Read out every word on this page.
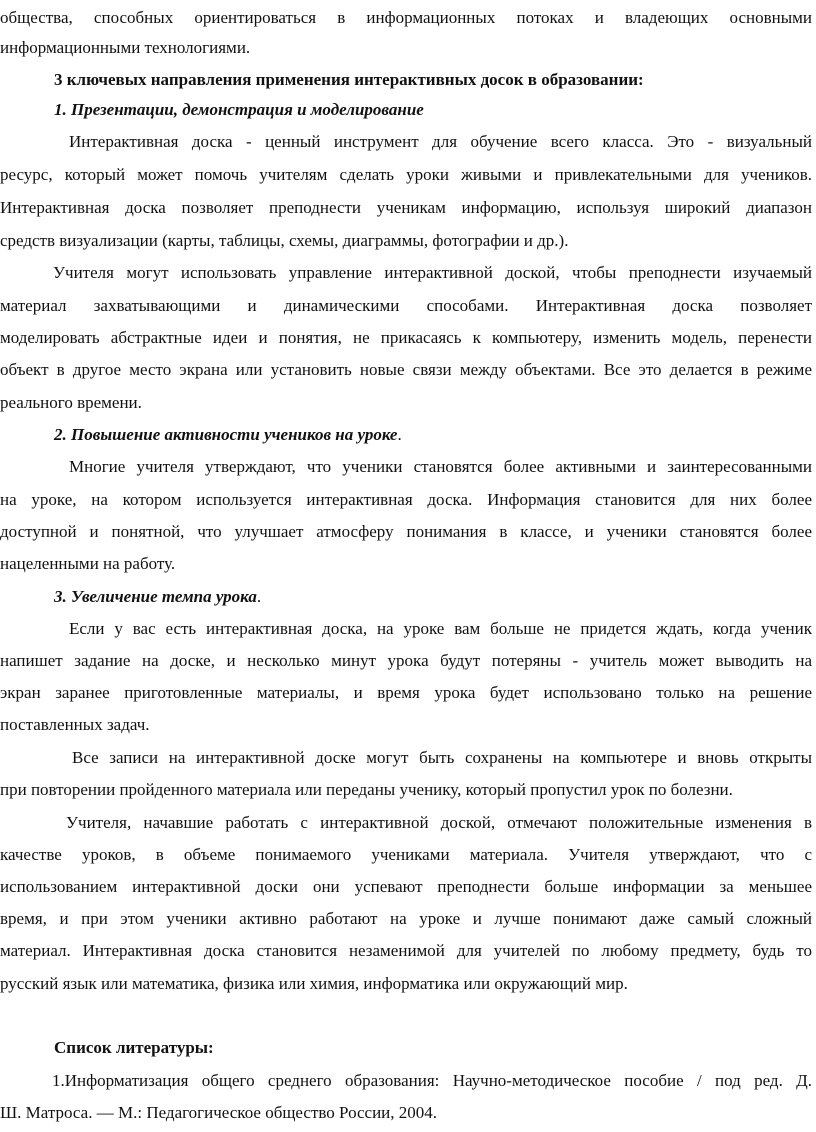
общества, способных ориентироваться в информационных потоках и владеющих основными

информационными технологиями.

3 ключевых направления применения интерактивных досок в образовании:

1. Презентации, демонстрация и моделирование

Интерактивная доска - ценный инструмент для обучение всего класса. Это - визуальный

ресурс, который может помочь учителям сделать уроки живыми и привлекательными для учеников.

Интерактивная доска позволяет преподнести ученикам информацию, используя широкий диапазон

средств визуализации (карты, таблицы, схемы, диаграммы, фотографии и др.).

Учителя могут использовать управление интерактивной доской, чтобы преподнести изучаемый

материал захватывающими и динамическими способами. Интерактивная доска позволяет

моделировать абстрактные идеи и понятия, не прикасаясь к компьютеру, изменить модель, перенести

объект в другое место экрана или установить новые связи между объектами. Все это делается в режиме

реального времени.

2. Повышение активности учеников на уроке.

Многие учителя утверждают, что ученики становятся более активными и заинтересованными

на уроке, на котором используется интерактивная доска. Информация становится для них более

доступной и понятной, что улучшает атмосферу понимания в классе, и ученики становятся более

нацеленными на работу.

3. Увеличение темпа урока.

Если у вас есть интерактивная доска, на уроке вам больше не придется ждать, когда ученик

напишет задание на доске, и несколько минут урока будут потеряны - учитель может выводить на

экран заранее приготовленные материалы, и время урока будет использовано только на решение

поставленных задач.

Все записи на интерактивной доске могут быть сохранены на компьютере и вновь открыты

при повторении пройденного материала или переданы ученику, который пропустил урок по болезни.

Учителя, начавшие работать с интерактивной доской, отмечают положительные изменения в

качестве уроков, в объеме понимаемого учениками материала. Учителя утверждают, что с

использованием интерактивной доски они успевают преподнести больше информации за меньшее

время, и при этом ученики активно работают на уроке и лучше понимают даже самый сложный

материал. Интерактивная доска становится незаменимой для учителей по любому предмету, будь то

русский язык или математика, физика или химия, информатика или окружающий мир.

Список литературы:

1.Информатизация общего среднего образования: Научно-методическое пособие / под ред. Д.

Ш. Матроса. — М.: Педагогическое общество России, 2004.
